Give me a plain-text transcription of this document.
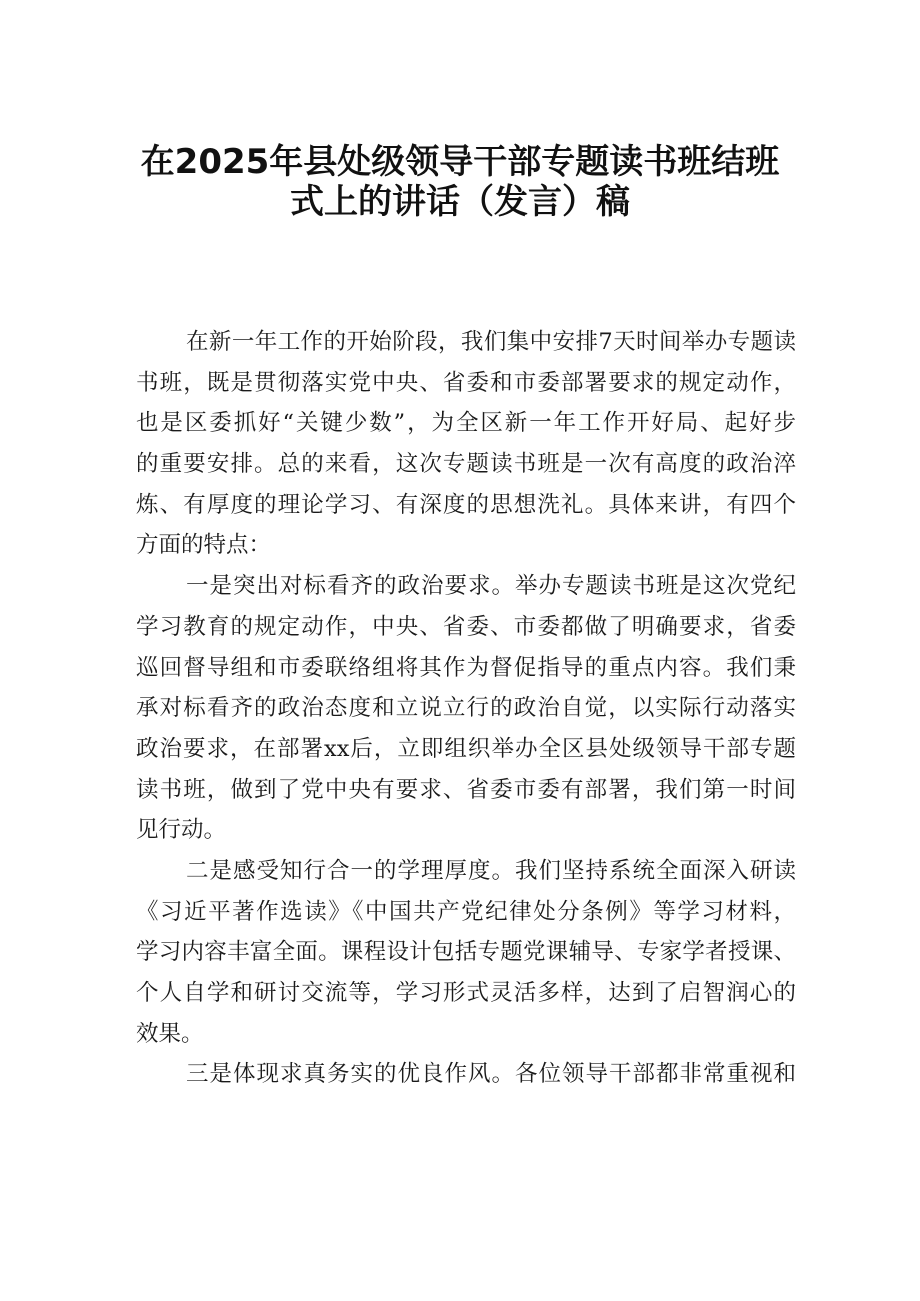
在2025年县处级领导干部专题读书班结班
式上的讲话（发言）稿
在新一年工作的开始阶段，我们集中安排7天时间举办专题读
书班，既是贯彻落实党中央、省委和市委部署要求的规定动作，
也是区委抓好“关键少数”，为全区新一年工作开好局、起好步
的重要安排。总的来看，这次专题读书班是一次有高度的政治淬
炼、有厚度的理论学习、有深度的思想洗礼。具体来讲，有四个
方面的特点：
一是突出对标看齐的政治要求。举办专题读书班是这次党纪
学习教育的规定动作，中央、省委、市委都做了明确要求，省委
巡回督导组和市委联络组将其作为督促指导的重点内容。我们秉
承对标看齐的政治态度和立说立行的政治自觉，以实际行动落实
政治要求，在部署xx后，立即组织举办全区县处级领导干部专题
读书班，做到了党中央有要求、省委市委有部署，我们第一时间
见行动。
二是感受知行合一的学理厚度。我们坚持系统全面深入研读
《习近平著作选读》《中国共产党纪律处分条例》等学习材料，
学习内容丰富全面。课程设计包括专题党课辅导、专家学者授课、
个人自学和研讨交流等，学习形式灵活多样，达到了启智润心的
效果。
三是体现求真务实的优良作风。各位领导干部都非常重视和
